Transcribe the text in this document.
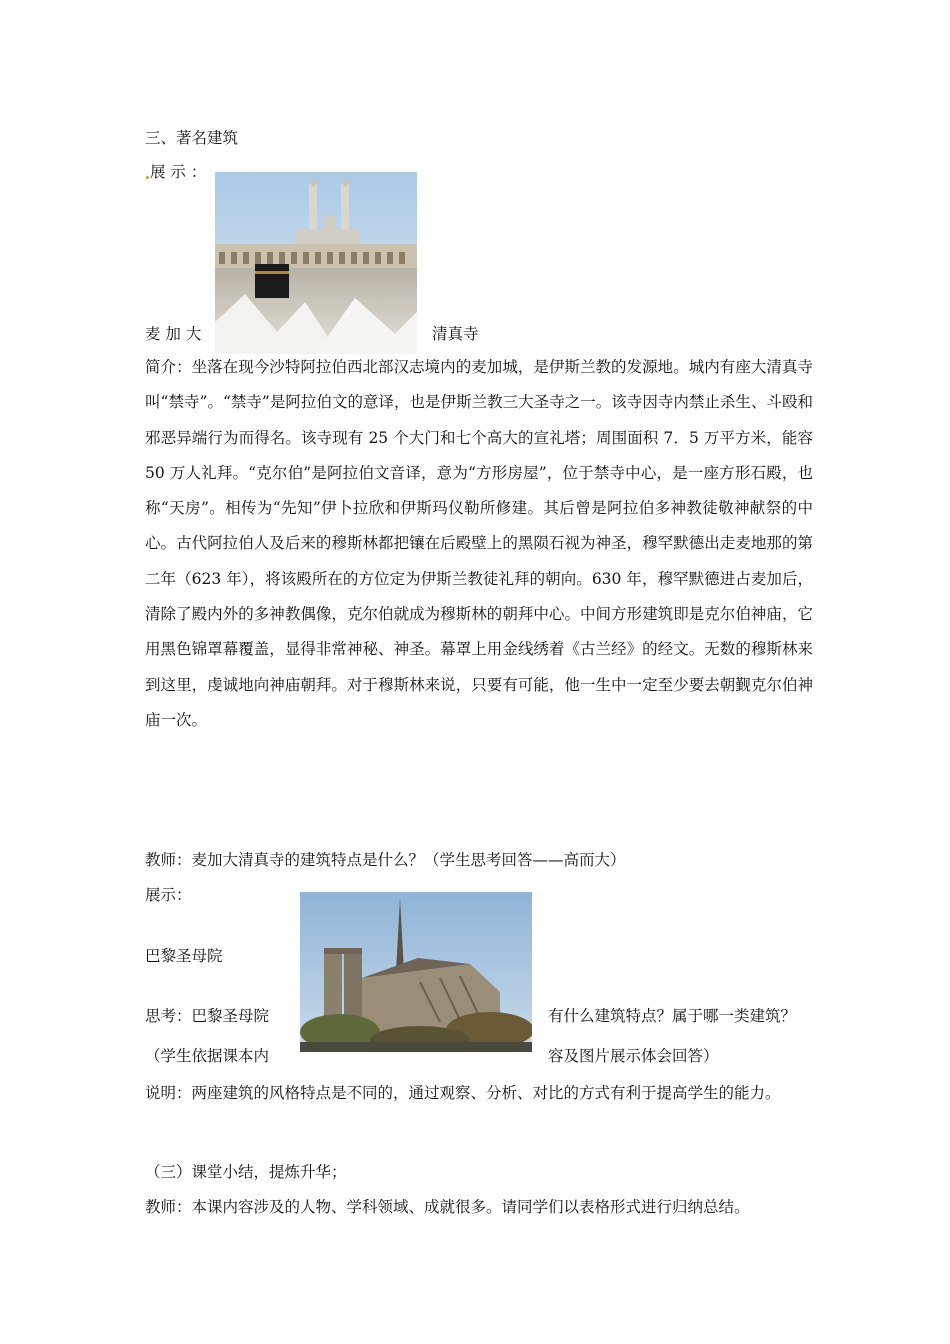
三、著名建筑
展 示 ：
麦 加 大	清真寺

简介：坐落在现今沙特阿拉伯西北部汉志境内的麦加城，是伊斯兰教的发源地。城内有座大清真寺叫“禁寺”。“禁寺”是阿拉伯文的意译，也是伊斯兰教三大圣寺之一。该寺因寺内禁止杀生、斗殴和邪恶异端行为而得名。该寺现有 25 个大门和七个高大的宣礼塔；周围面积 7．5 万平方米，能容 50 万人礼拜。“克尔伯”是阿拉伯文音译，意为“方形房屋”，位于禁寺中心，是一座方形石殿，也称“天房”。相传为“先知”伊卜拉欣和伊斯玛仪勒所修建。其后曾是阿拉伯多神教徒敬神献祭的中心。古代阿拉伯人及后来的穆斯林都把镶在后殿壁上的黑陨石视为神圣，穆罕默德出走麦地那的第二年（623 年），将该殿所在的方位定为伊斯兰教徒礼拜的朝向。630 年，穆罕默德进占麦加后，清除了殿内外的多神教偶像，克尔伯就成为穆斯林的朝拜中心。中间方形建筑即是克尔伯神庙，它用黑色锦罩幕覆盖，显得非常神秘、神圣。幕罩上用金线绣着《古兰经》的经文。无数的穆斯林来到这里，虔诚地向神庙朝拜。对于穆斯林来说，只要有可能，他一生中一定至少要去朝觐克尔伯神庙一次。

教师：麦加大清真寺的建筑特点是什么？（学生思考回答——高而大）
展示：
巴黎圣母院
思考：巴黎圣母院	有什么建筑特点？属于哪一类建筑？
（学生依据课本内	容及图片展示体会回答）

说明：两座建筑的风格特点是不同的，通过观察、分析、对比的方式有利于提高学生的能力。

（三）课堂小结，提炼升华；
教师：本课内容涉及的人物、学科领域、成就很多。请同学们以表格形式进行归纳总结。
